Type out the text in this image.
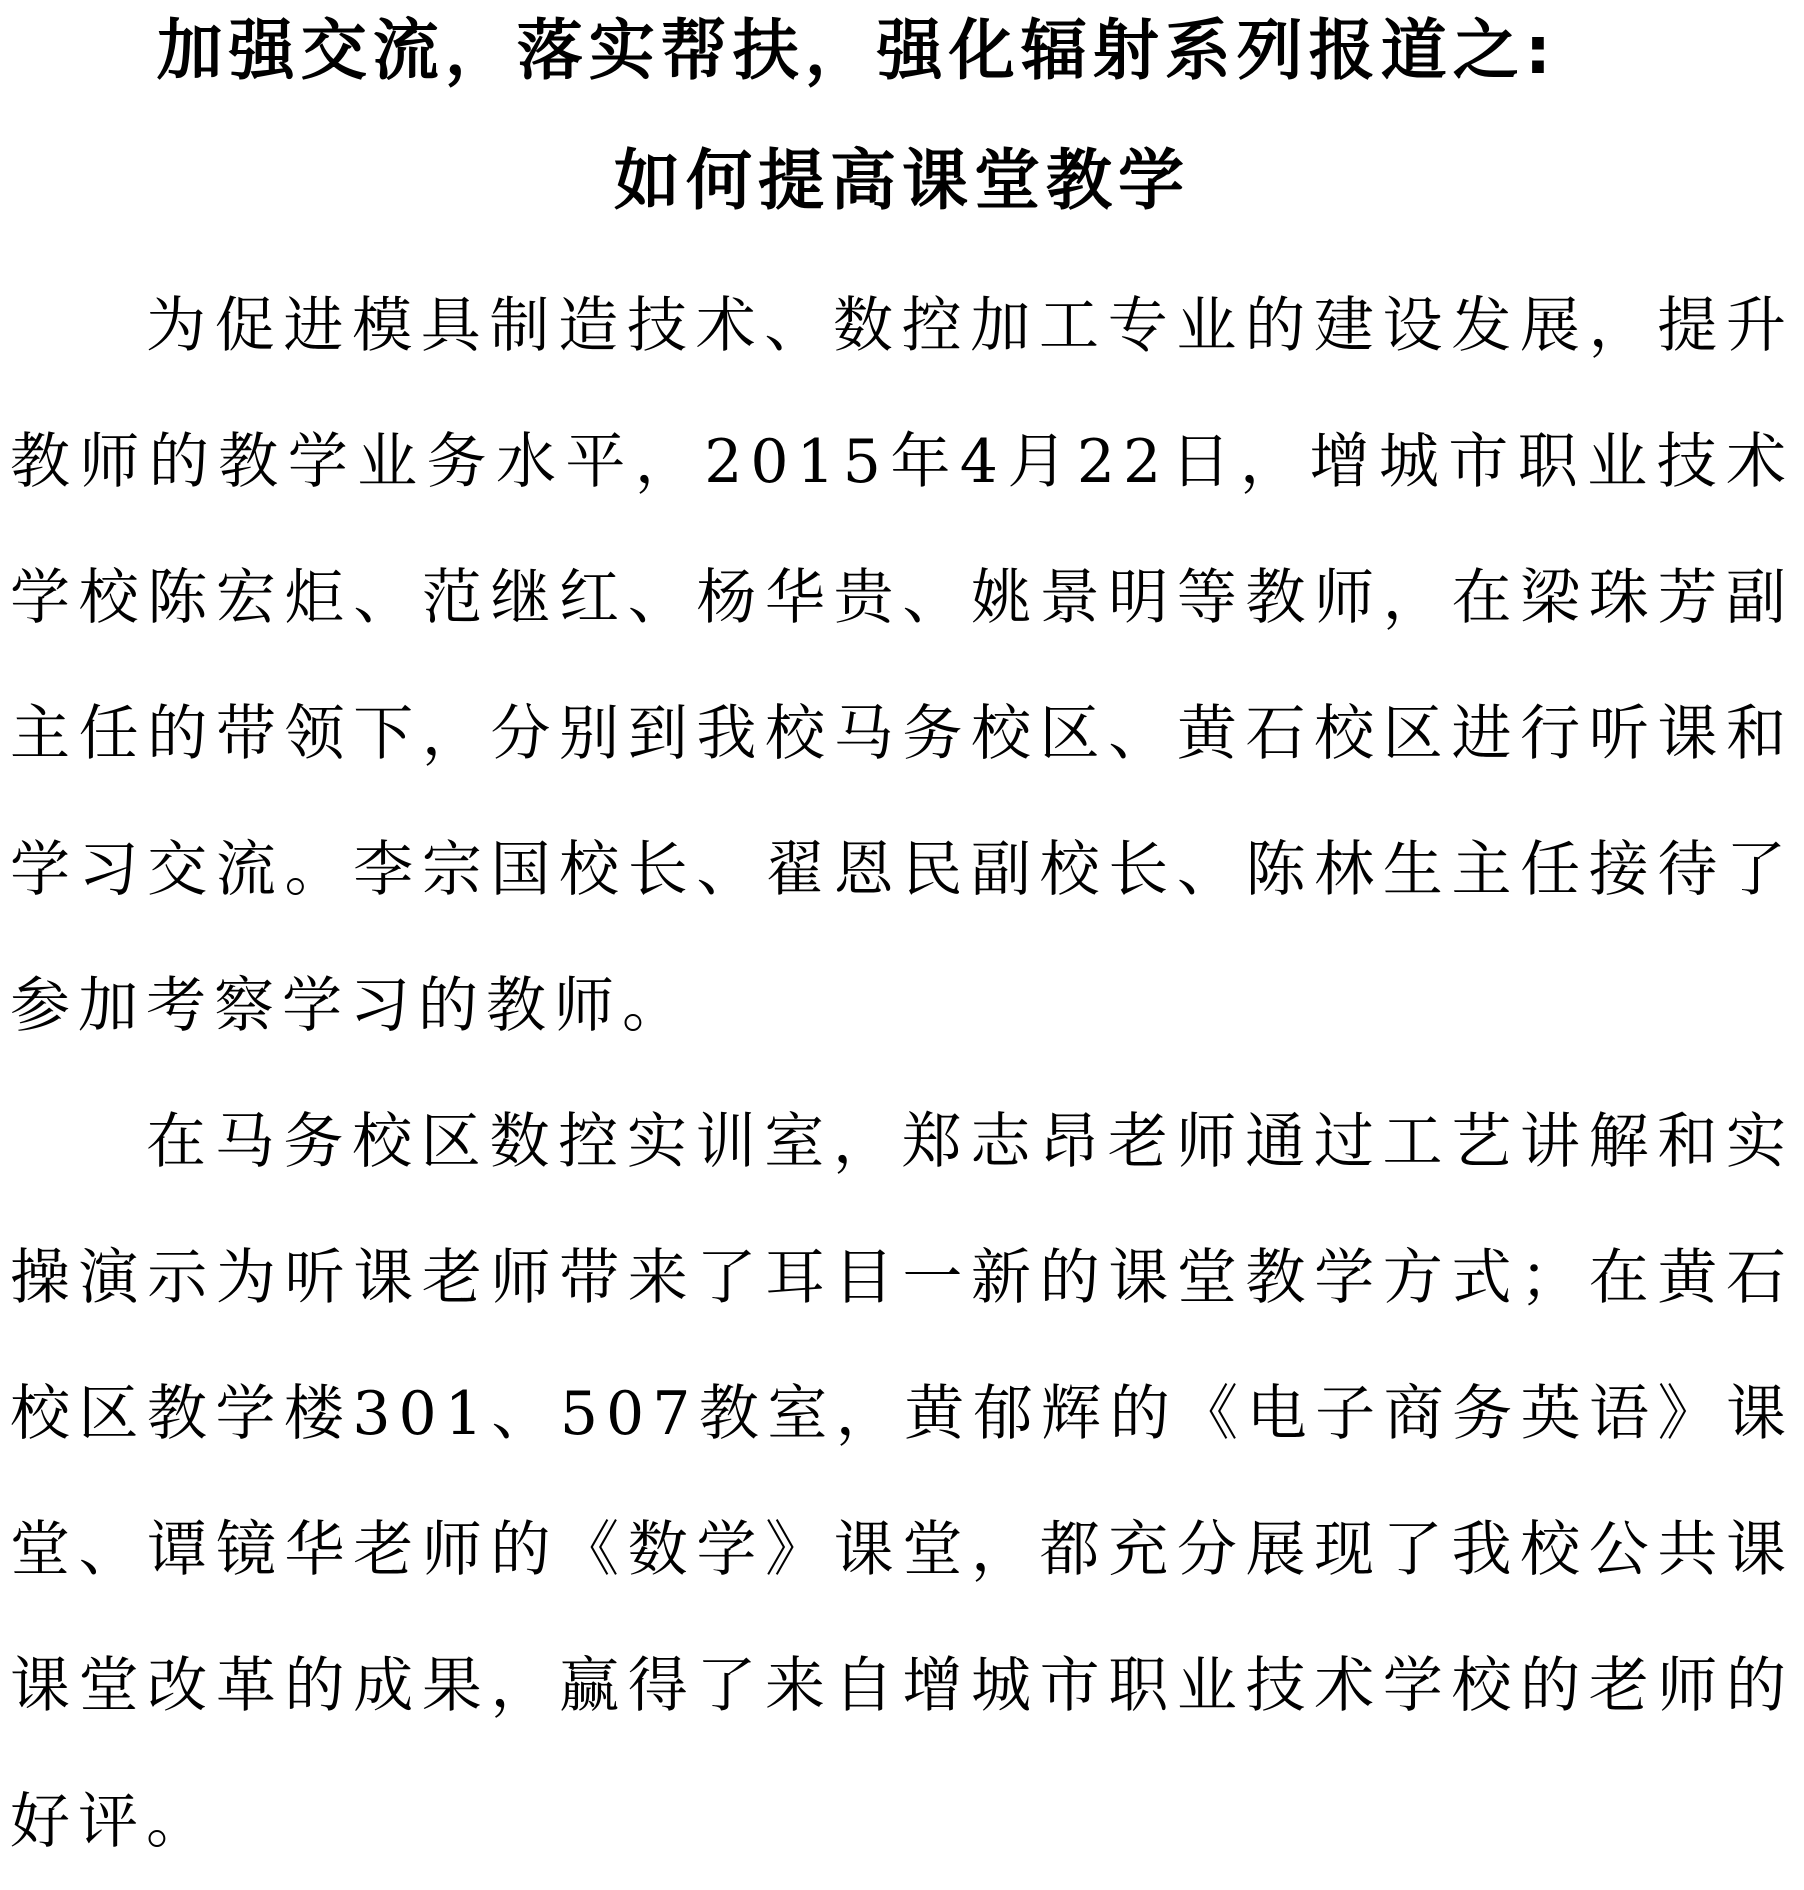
加强交流，落实帮扶，强化辐射系列报道之:
如何提高课堂教学

为促进模具制造技术、数控加工专业的建设发展，提升教师的教学业务水平，2015年4月22日，增城市职业技术学校陈宏炬、范继红、杨华贵、姚景明等教师，在梁珠芳副主任的带领下，分别到我校马务校区、黄石校区进行听课和学习交流。李宗国校长、翟恩民副校长、陈林生主任接待了参加考察学习的教师。

在马务校区数控实训室，郑志昂老师通过工艺讲解和实操演示为听课老师带来了耳目一新的课堂教学方式；在黄石校区教学楼301、507教室，黄郁辉的《电子商务英语》课堂、谭镜华老师的《数学》课堂，都充分展现了我校公共课课堂改革的成果，赢得了来自增城市职业技术学校的老师的好评。
